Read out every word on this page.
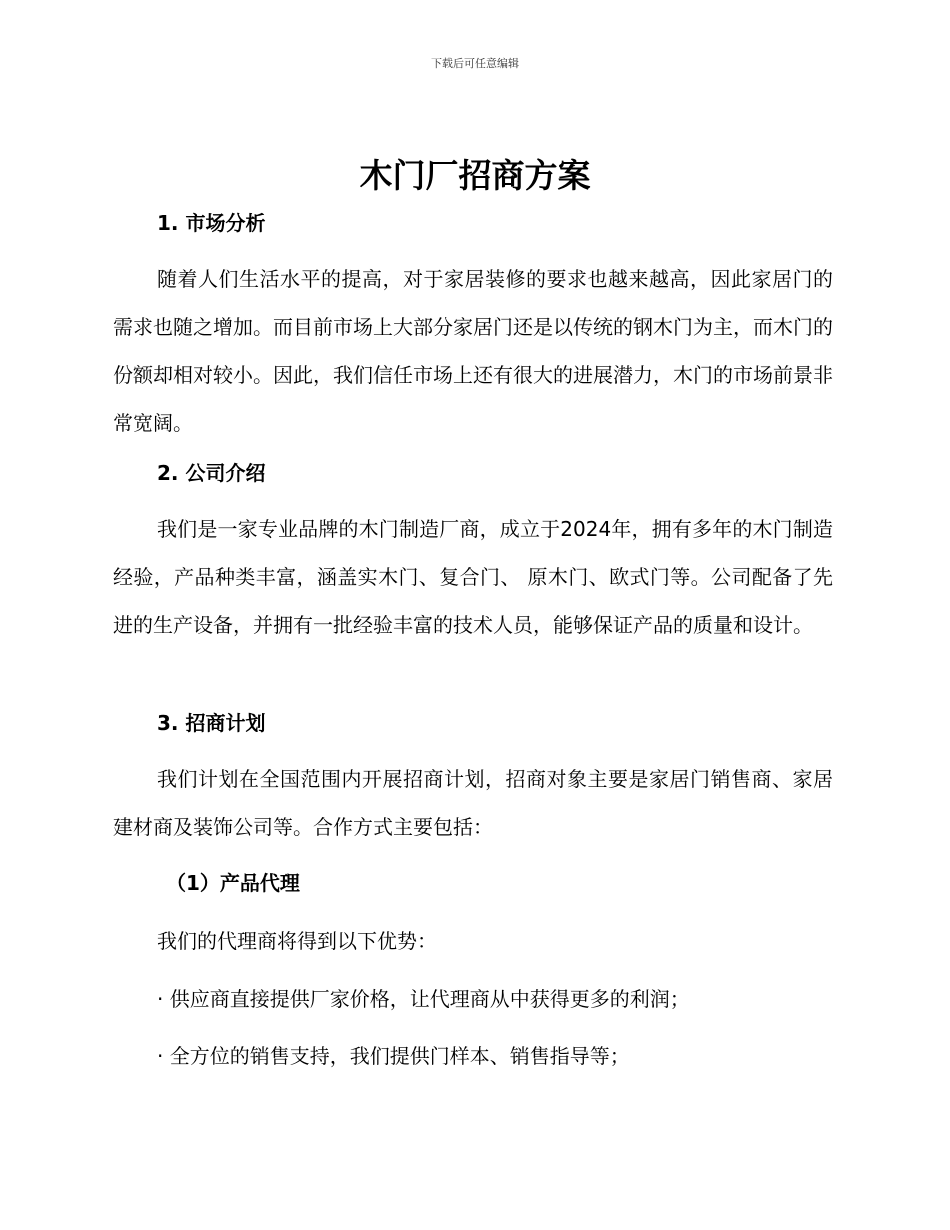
下载后可任意编辑
木门厂招商方案
1. 市场分析
随着人们生活水平的提高，对于家居装修的要求也越来越高，因此家居门的需求也随之增加。而目前市场上大部分家居门还是以传统的钢木门为主，而木门的份额却相对较小。因此，我们信任市场上还有很大的进展潜力，木门的市场前景非常宽阔。
2. 公司介绍
我们是一家专业品牌的木门制造厂商，成立于2024年，拥有多年的木门制造经验，产品种类丰富，涵盖实木门、复合门、 原木门、欧式门等。公司配备了先进的生产设备，并拥有一批经验丰富的技术人员，能够保证产品的质量和设计。
3. 招商计划
我们计划在全国范围内开展招商计划，招商对象主要是家居门销售商、家居建材商及装饰公司等。合作方式主要包括：
（1）产品代理
我们的代理商将得到以下优势：
· 供应商直接提供厂家价格，让代理商从中获得更多的利润；
· 全方位的销售支持，我们提供门样本、销售指导等；
